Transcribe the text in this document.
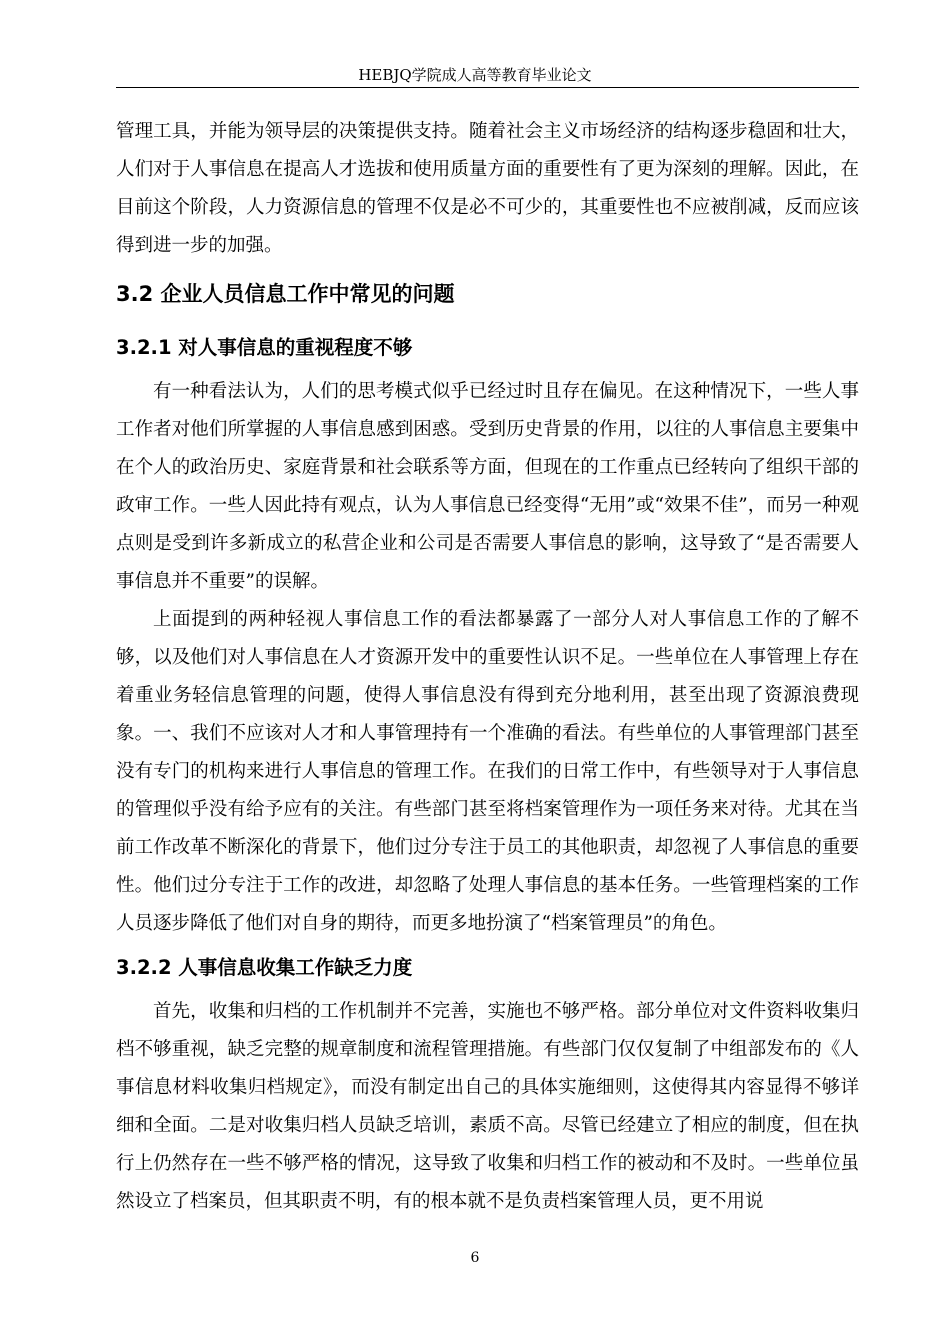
HEBJQ学院成人高等教育毕业论文

管理工具，并能为领导层的决策提供支持。随着社会主义市场经济的结构逐步稳固和壮大，人们对于人事信息在提高人才选拔和使用质量方面的重要性有了更为深刻的理解。因此，在目前这个阶段，人力资源信息的管理不仅是必不可少的，其重要性也不应被削减，反而应该得到进一步的加强。

3.2 企业人员信息工作中常见的问题
3.2.1 对人事信息的重视程度不够

有一种看法认为，人们的思考模式似乎已经过时且存在偏见。在这种情况下，一些人事工作者对他们所掌握的人事信息感到困惑。受到历史背景的作用，以往的人事信息主要集中在个人的政治历史、家庭背景和社会联系等方面，但现在的工作重点已经转向了组织干部的政审工作。一些人因此持有观点，认为人事信息已经变得“无用”或“效果不佳”，而另一种观点则是受到许多新成立的私营企业和公司是否需要人事信息的影响，这导致了“是否需要人事信息并不重要”的误解。

上面提到的两种轻视人事信息工作的看法都暴露了一部分人对人事信息工作的了解不够，以及他们对人事信息在人才资源开发中的重要性认识不足。一些单位在人事管理上存在着重业务轻信息管理的问题，使得人事信息没有得到充分地利用，甚至出现了资源浪费现象。一、我们不应该对人才和人事管理持有一个准确的看法。有些单位的人事管理部门甚至没有专门的机构来进行人事信息的管理工作。在我们的日常工作中，有些领导对于人事信息的管理似乎没有给予应有的关注。有些部门甚至将档案管理作为一项任务来对待。尤其在当前工作改革不断深化的背景下，他们过分专注于员工的其他职责，却忽视了人事信息的重要性。他们过分专注于工作的改进，却忽略了处理人事信息的基本任务。一些管理档案的工作人员逐步降低了他们对自身的期待，而更多地扮演了“档案管理员”的角色。

3.2.2 人事信息收集工作缺乏力度

首先，收集和归档的工作机制并不完善，实施也不够严格。部分单位对文件资料收集归档不够重视，缺乏完整的规章制度和流程管理措施。有些部门仅仅复制了中组部发布的《人事信息材料收集归档规定》，而没有制定出自己的具体实施细则，这使得其内容显得不够详细和全面。二是对收集归档人员缺乏培训，素质不高。尽管已经建立了相应的制度，但在执行上仍然存在一些不够严格的情况，这导致了收集和归档工作的被动和不及时。一些单位虽然设立了档案员，但其职责不明，有的根本就不是负责档案管理人员，更不用说

6
